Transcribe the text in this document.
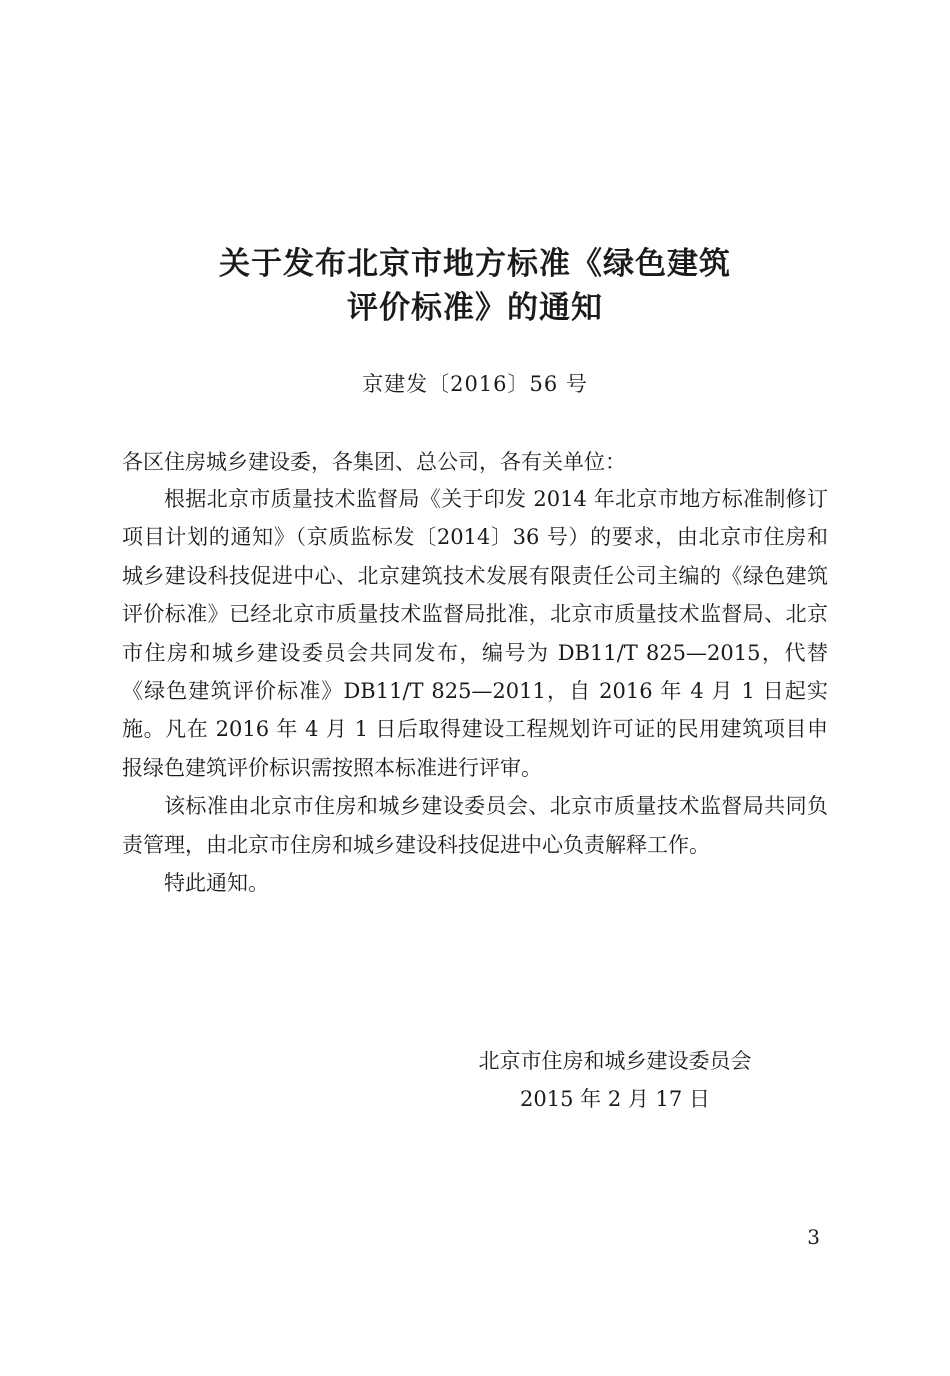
关于发布北京市地方标准《绿色建筑
评价标准》的通知
京建发〔2016〕56 号
各区住房城乡建设委，各集团、总公司，各有关单位：

根据北京市质量技术监督局《关于印发 2014 年北京市地方标准制修订项目计划的通知》（京质监标发〔2014〕36 号）的要求，由北京市住房和城乡建设科技促进中心、北京建筑技术发展有限责任公司主编的《绿色建筑评价标准》已经北京市质量技术监督局批准，北京市质量技术监督局、北京市住房和城乡建设委员会共同发布，编号为 DB11/T 825—2015，代替《绿色建筑评价标准》DB11/T 825—2011，自 2016 年 4 月 1 日起实施。凡在 2016 年 4 月 1 日后取得建设工程规划许可证的民用建筑项目申报绿色建筑评价标识需按照本标准进行评审。

该标准由北京市住房和城乡建设委员会、北京市质量技术监督局共同负责管理，由北京市住房和城乡建设科技促进中心负责解释工作。

特此通知。

北京市住房和城乡建设委员会
2015 年 2 月 17 日
3
